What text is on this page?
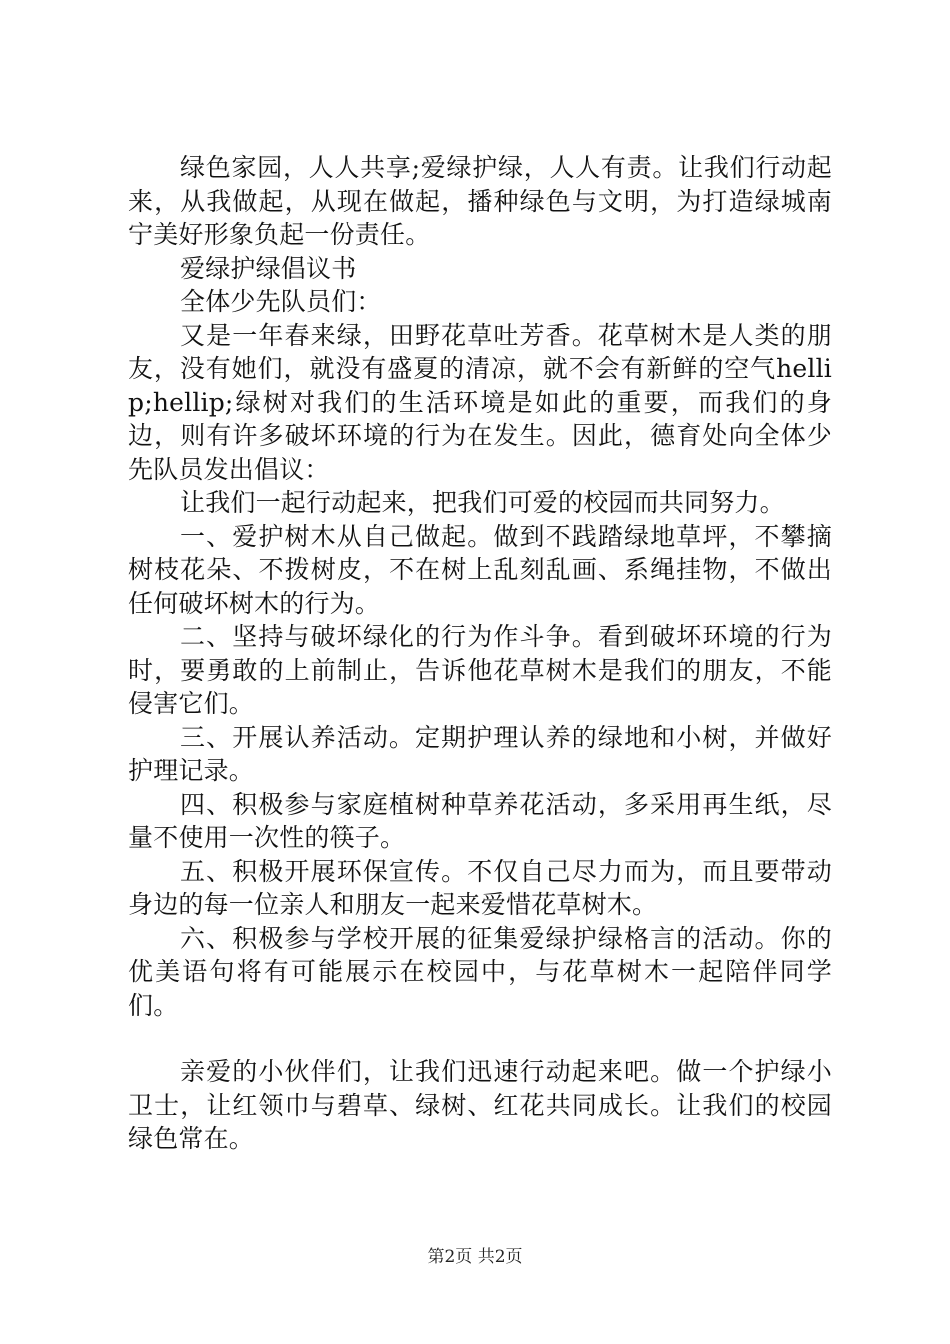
绿色家园，人人共享;爱绿护绿，人人有责。让我们行动起来，从我做起，从现在做起，播种绿色与文明，为打造绿城南宁美好形象负起一份责任。

爱绿护绿倡议书

全体少先队员们：

又是一年春来绿，田野花草吐芳香。花草树木是人类的朋友，没有她们，就没有盛夏的清凉，就不会有新鲜的空气hellip;hellip;绿树对我们的生活环境是如此的重要，而我们的身边，则有许多破坏环境的行为在发生。因此，德育处向全体少先队员发出倡议：

让我们一起行动起来，把我们可爱的校园而共同努力。

一、爱护树木从自己做起。做到不践踏绿地草坪，不攀摘树枝花朵、不拨树皮，不在树上乱刻乱画、系绳挂物，不做出任何破坏树木的行为。

二、坚持与破坏绿化的行为作斗争。看到破坏环境的行为时，要勇敢的上前制止，告诉他花草树木是我们的朋友，不能侵害它们。

三、开展认养活动。定期护理认养的绿地和小树，并做好护理记录。

四、积极参与家庭植树种草养花活动，多采用再生纸，尽量不使用一次性的筷子。

五、积极开展环保宣传。不仅自己尽力而为，而且要带动身边的每一位亲人和朋友一起来爱惜花草树木。

六、积极参与学校开展的征集爱绿护绿格言的活动。你的优美语句将有可能展示在校园中，与花草树木一起陪伴同学们。

亲爱的小伙伴们，让我们迅速行动起来吧。做一个护绿小卫士，让红领巾与碧草、绿树、红花共同成长。让我们的校园绿色常在。

第2页 共2页
